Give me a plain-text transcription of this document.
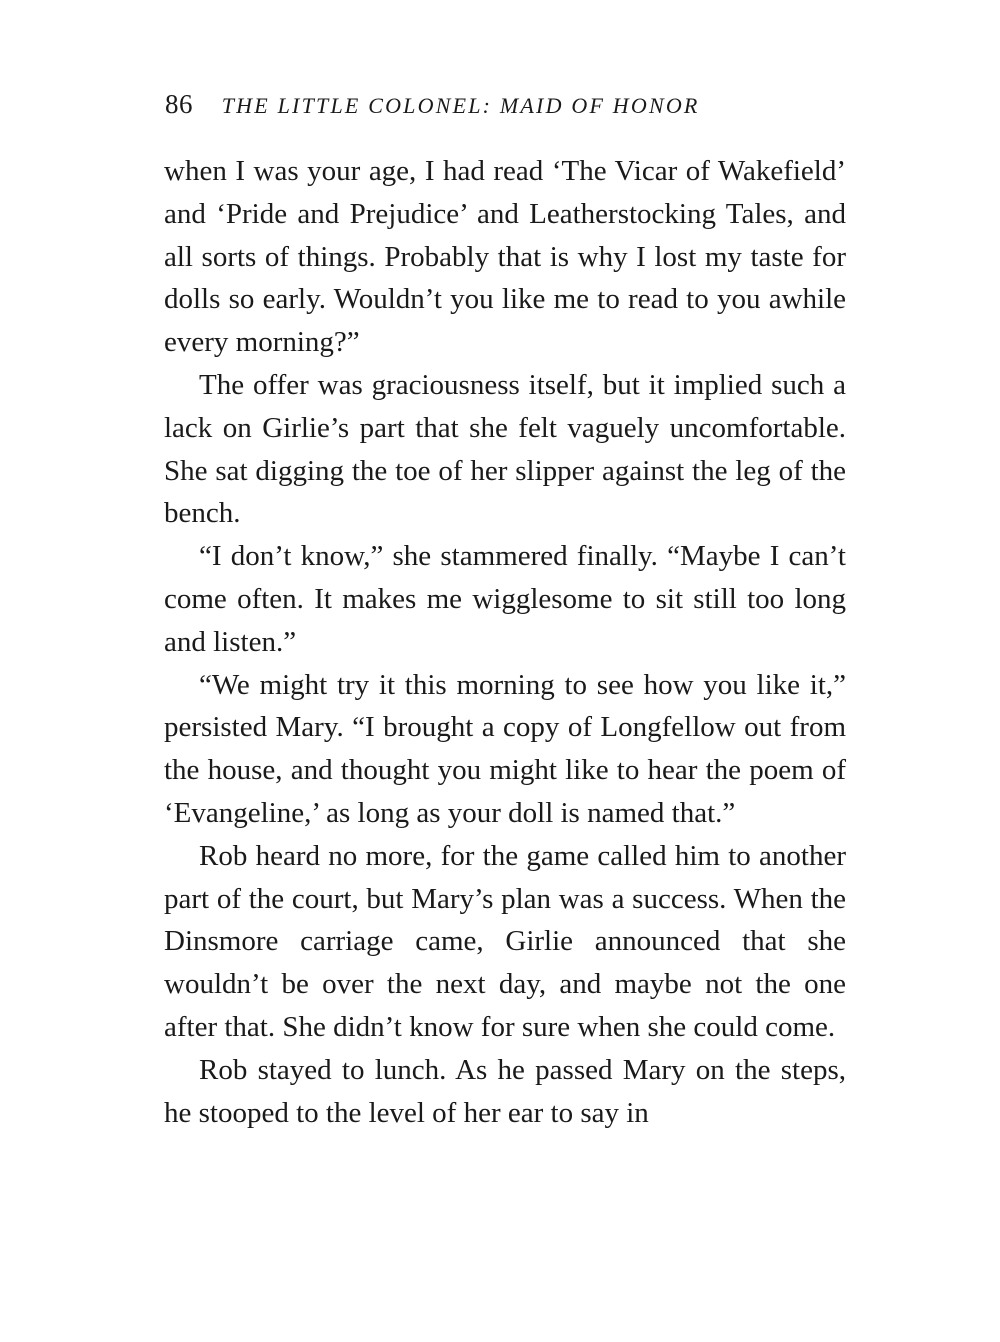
86 THE LITTLE COLONEL: MAID OF HONOR

when I was your age, I had read ‘The Vicar of Wakefield’ and ‘Pride and Prejudice’ and Leatherstocking Tales, and all sorts of things. Probably that is why I lost my taste for dolls so early. Wouldn’t you like me to read to you awhile every morning?”

The offer was graciousness itself, but it implied such a lack on Girlie’s part that she felt vaguely uncomfortable. She sat digging the toe of her slipper against the leg of the bench.

“I don’t know,” she stammered finally. “Maybe I can’t come often. It makes me wigglesome to sit still too long and listen.”

“We might try it this morning to see how you like it,” persisted Mary. “I brought a copy of Longfellow out from the house, and thought you might like to hear the poem of ‘Evangeline,’ as long as your doll is named that.”

Rob heard no more, for the game called him to another part of the court, but Mary’s plan was a success. When the Dinsmore carriage came, Girlie announced that she wouldn’t be over the next day, and maybe not the one after that. She didn’t know for sure when she could come.

Rob stayed to lunch. As he passed Mary on the steps, he stooped to the level of her ear to say in
